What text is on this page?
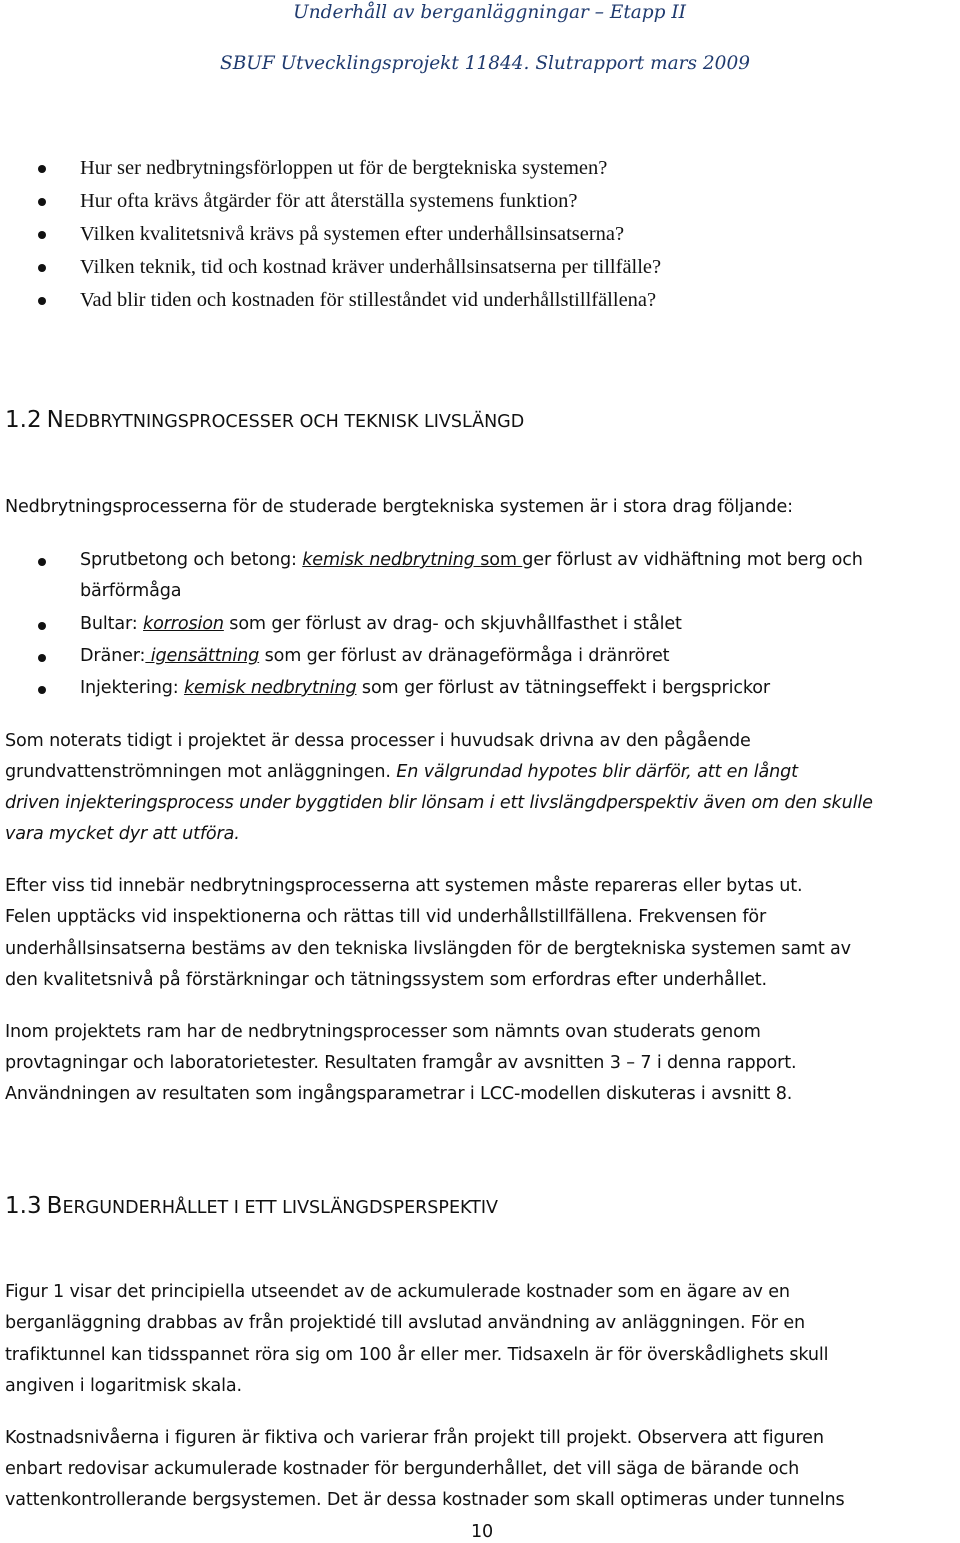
Underhåll av berganläggningar – Etapp II
SBUF Utvecklingsprojekt 11844. Slutrapport mars 2009
Hur ser nedbrytningsförloppen ut för de bergtekniska systemen?
Hur ofta krävs åtgärder för att återställa systemens funktion?
Vilken kvalitetsnivå krävs på systemen efter underhållsinsatserna?
Vilken teknik, tid och kostnad kräver underhållsinsatserna per tillfälle?
Vad blir tiden och kostnaden för stilleståndet vid underhållstillfällena?
1.2 NEDBRYTNINGSPROCESSER OCH TEKNISK LIVSLÄNGD
Nedbrytningsprocesserna för de studerade bergtekniska systemen är i stora drag följande:
Sprutbetong och betong: kemisk nedbrytning som ger förlust av vidhäftning mot berg och
bärförmåga
Bultar: korrosion som ger förlust av drag- och skjuvhållfasthet i stålet
Dräner: igensättning som ger förlust av dränageförmåga i dränröret
Injektering: kemisk nedbrytning som ger förlust av tätningseffekt i bergsprickor
Som noterats tidigt i projektet är dessa processer i huvudsak drivna av den pågående
grundvattenströmningen mot anläggningen. En välgrundad hypotes blir därför, att en långt
driven injekteringsprocess under byggtiden blir lönsam i ett livslängdperspektiv även om den skulle
vara mycket dyr att utföra.
Efter viss tid innebär nedbrytningsprocesserna att systemen måste repareras eller bytas ut.
Felen upptäcks vid inspektionerna och rättas till vid underhållstillfällena. Frekvensen för
underhållsinsatserna bestäms av den tekniska livslängden för de bergtekniska systemen samt av
den kvalitetsnivå på förstärkningar och tätningssystem som erfordras efter underhållet.
Inom projektets ram har de nedbrytningsprocesser som nämnts ovan studerats genom
provtagningar och laboratorietester. Resultaten framgår av avsnitten 3 – 7 i denna rapport.
Användningen av resultaten som ingångsparametrar i LCC-modellen diskuteras i avsnitt 8.
1.3 BERGUNDERHÅLLET I ETT LIVSLÄNGDSPERSPEKTIV
Figur 1 visar det principiella utseendet av de ackumulerade kostnader som en ägare av en
berganläggning drabbas av från projektidé till avslutad användning av anläggningen. För en
trafiktunnel kan tidsspannet röra sig om 100 år eller mer. Tidsaxeln är för överskådlighets skull
angiven i logaritmisk skala.
Kostnadsnivåerna i figuren är fiktiva och varierar från projekt till projekt. Observera att figuren
enbart redovisar ackumulerade kostnader för bergunderhållet, det vill säga de bärande och
vattenkontrollerande bergsystemen. Det är dessa kostnader som skall optimeras under tunnelns
10
